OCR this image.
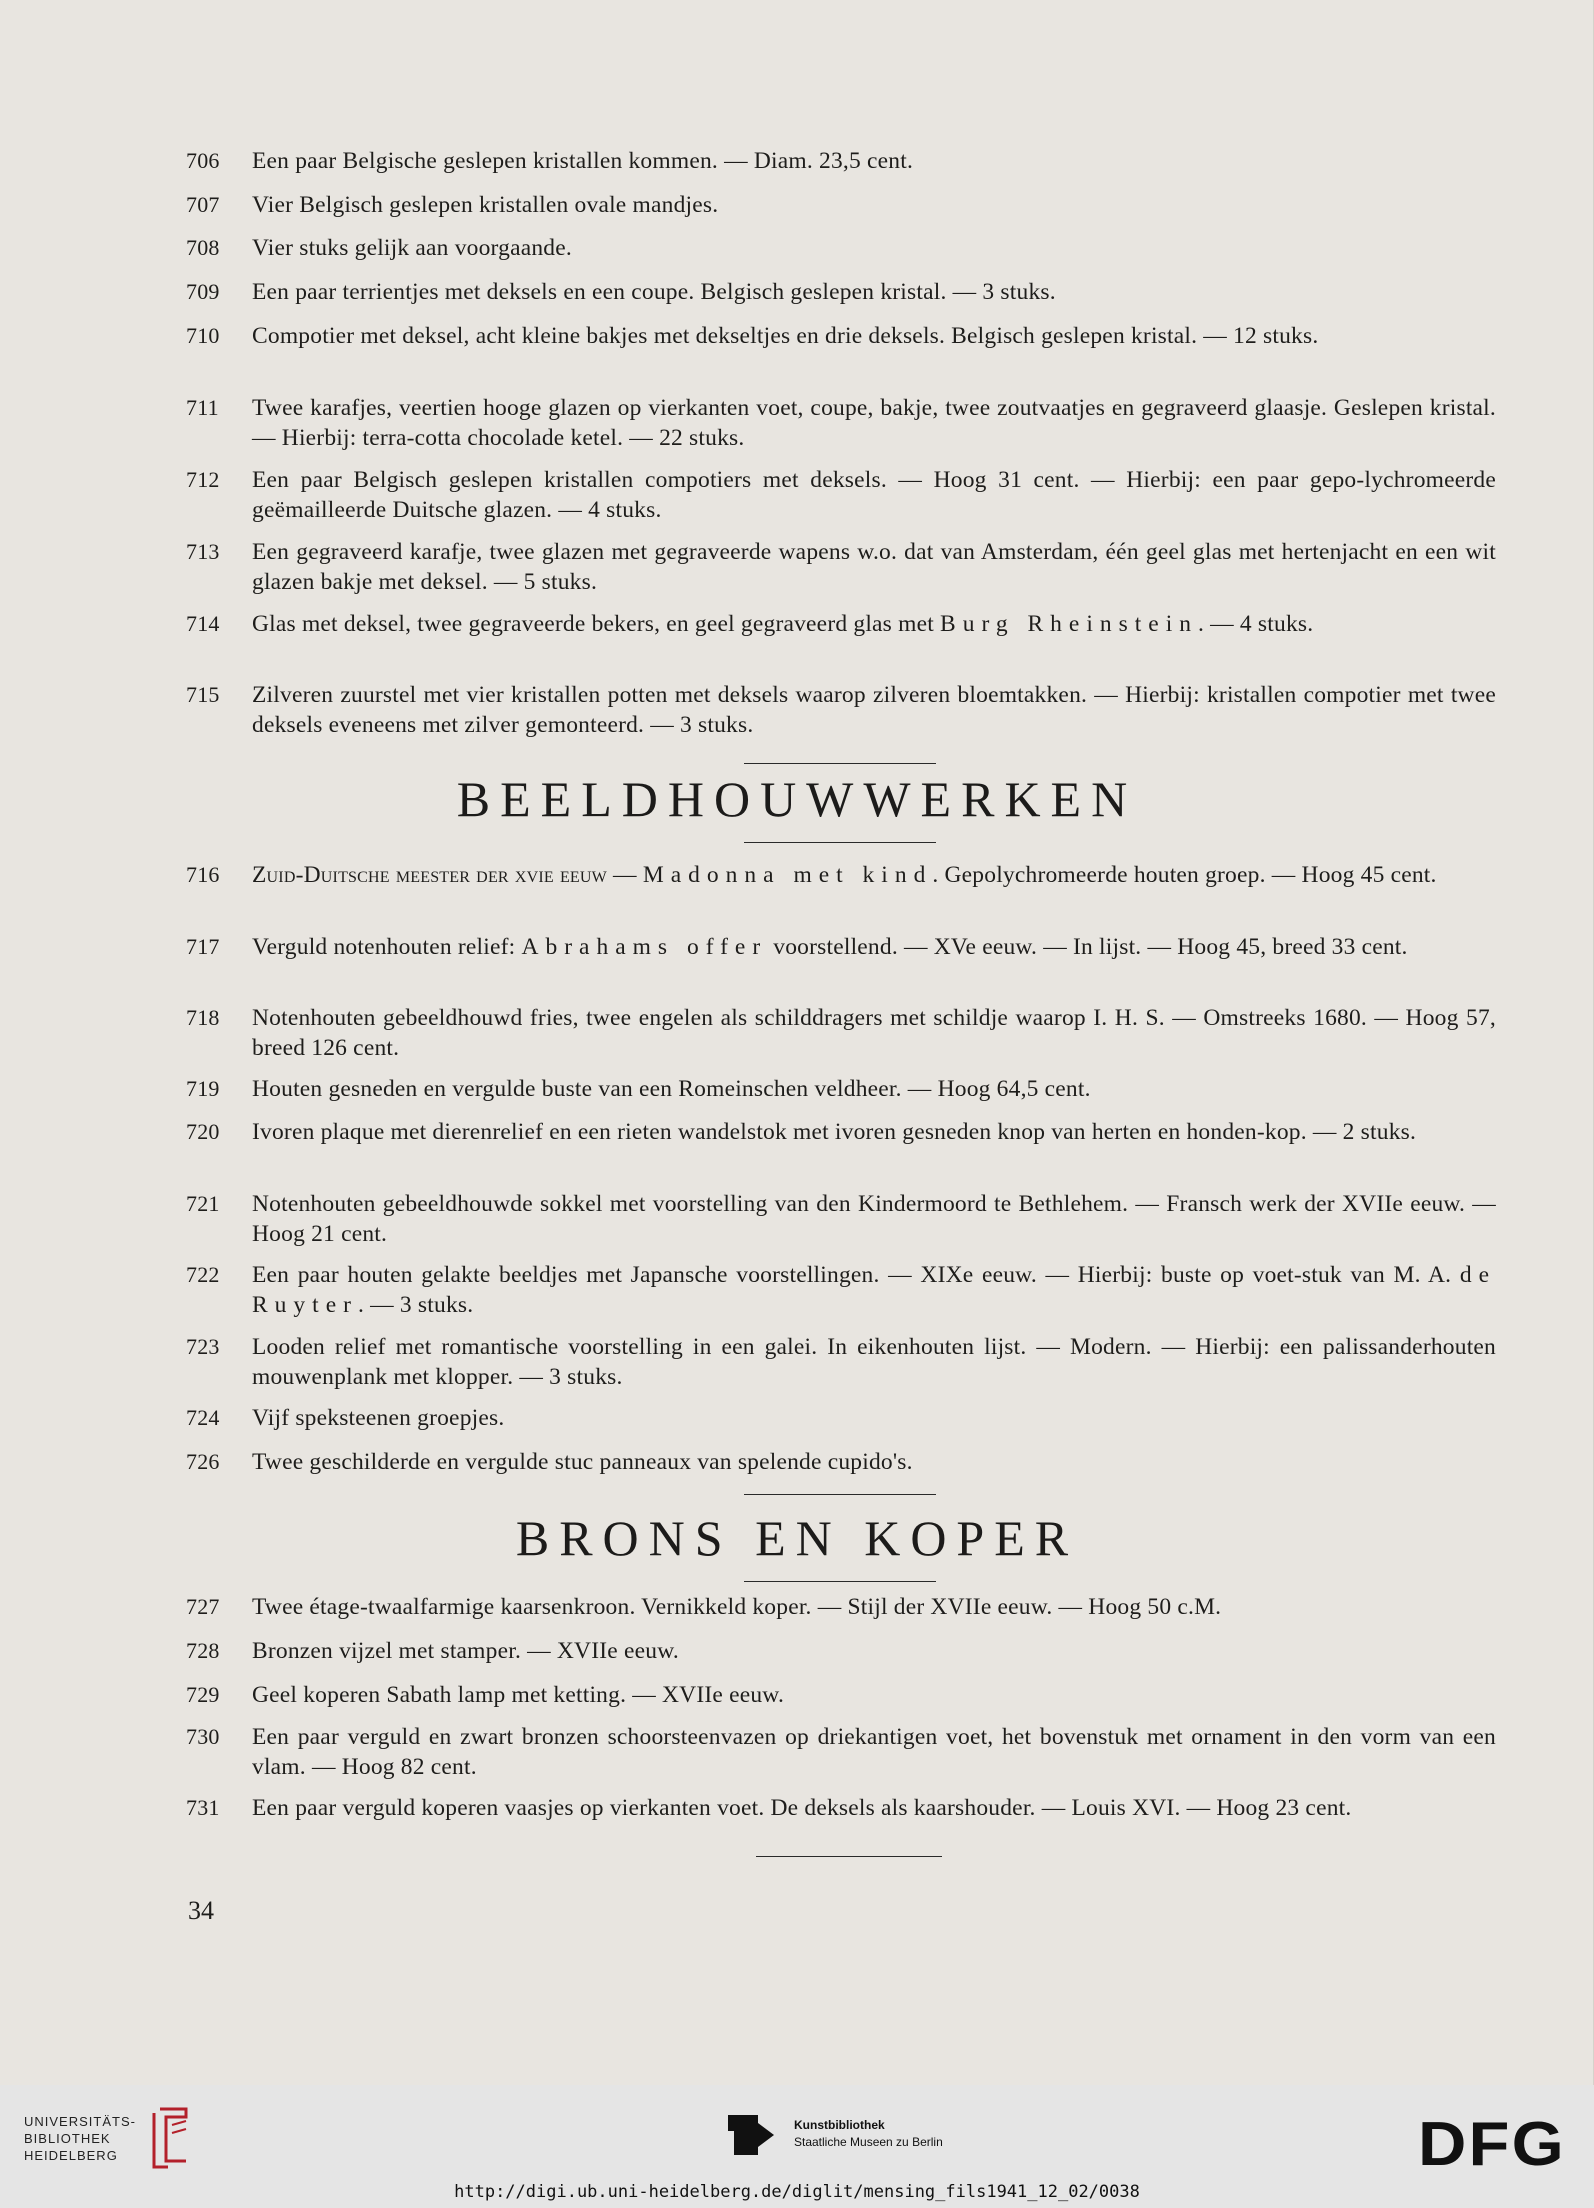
706	Een paar Belgische geslepen kristallen kommen. — Diam. 23,5 cent.
707	Vier Belgisch geslepen kristallen ovale mandjes.
708	Vier stuks gelijk aan voorgaande.
709	Een paar terrientjes met deksels en een coupe. Belgisch geslepen kristal. — 3 stuks.
710	Compotier met deksel, acht kleine bakjes met dekseltjes en drie deksels. Belgisch geslepen kristal. — 12 stuks.
711	Twee karafjes, veertien hooge glazen op vierkanten voet, coupe, bakje, twee zoutvaatjes en gegraveerd glaasje. Geslepen kristal. — Hierbij: terra-cotta chocolade ketel. — 22 stuks.
712	Een paar Belgisch geslepen kristallen compotiers met deksels. — Hoog 31 cent. — Hierbij: een paar gepo-lychromeerde geëmailleerde Duitsche glazen. — 4 stuks.
713	Een gegraveerd karafje, twee glazen met gegraveerde wapens w.o. dat van Amsterdam, één geel glas met hertenjacht en een wit glazen bakje met deksel. — 5 stuks.
714	Glas met deksel, twee gegraveerde bekers, en geel gegraveerd glas met Burg Rheinstein. — 4 stuks.
715	Zilveren zuurstel met vier kristallen potten met deksels waarop zilveren bloemtakken. — Hierbij: kristallen compotier met twee deksels eveneens met zilver gemonteerd. — 3 stuks.
BEELDHOUWWERKEN
716	Zuid-Duitsche meester der xvie eeuw — Madonna met kind. Gepolychromeerde houten groep. — Hoog 45 cent.
717	Verguld notenhouten relief: Abrahams offer voorstellend. — XVe eeuw. — In lijst. — Hoog 45, breed 33 cent.
718	Notenhouten gebeeldhouwd fries, twee engelen als schilddragers met schildje waarop I. H. S. — Omstreeks 1680. — Hoog 57, breed 126 cent.
719	Houten gesneden en vergulde buste van een Romeinschen veldheer. — Hoog 64,5 cent.
720	Ivoren plaque met dierenrelief en een rieten wandelstok met ivoren gesneden knop van herten en honden-kop. — 2 stuks.
721	Notenhouten gebeeldhouwde sokkel met voorstelling van den Kindermoord te Bethlehem. — Fransch werk der XVIIe eeuw. — Hoog 21 cent.
722	Een paar houten gelakte beeldjes met Japansche voorstellingen. — XIXe eeuw. — Hierbij: buste op voet-stuk van M. A. de Ruyter. — 3 stuks.
723	Looden relief met romantische voorstelling in een galei. In eikenhouten lijst. — Modern. — Hierbij: een palissanderhouten mouwenplank met klopper. — 3 stuks.
724	Vijf speksteenen groepjes.
726	Twee geschilderde en vergulde stuc panneaux van spelende cupido's.
BRONS EN KOPER
727	Twee étage-twaalfarmige kaarsenkroon. Vernikkeld koper. — Stijl der XVIIe eeuw. — Hoog 50 c.M.
728	Bronzen vijzel met stamper. — XVIIe eeuw.
729	Geel koperen Sabath lamp met ketting. — XVIIe eeuw.
730	Een paar verguld en zwart bronzen schoorsteenvazen op driekantigen voet, het bovenstuk met ornament in den vorm van een vlam. — Hoog 82 cent.
731	Een paar verguld koperen vaasjes op vierkanten voet. De deksels als kaarshouder. — Louis XVI. — Hoog 23 cent.
34
UNIVERSITÄTS-
BIBLIOTHEK
HEIDELBERG
Kunstbibliothek
Staatliche Museen zu Berlin	DFG
http://digi.ub.uni-heidelberg.de/diglit/mensing_fils1941_12_02/0038
